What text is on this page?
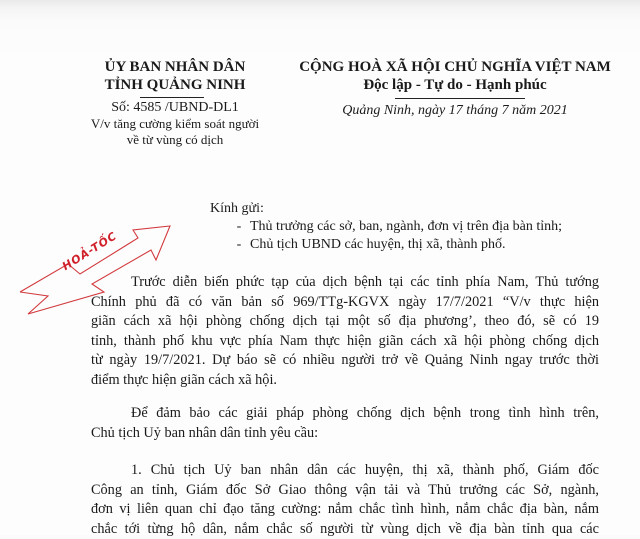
ỦY BAN NHÂN DÂN
TỈNH QUẢNG NINH
Số: 4585 /UBND-DL1
V/v tăng cường kiểm soát người
về từ vùng có dịch
CỘNG HOÀ XÃ HỘI CHỦ NGHĨA VIỆT NAM
Độc lập - Tự do - Hạnh phúc
Quảng Ninh, ngày 17 tháng 7 năm 2021
HOẢ-TỐC
Kính gửi:
- Thủ trưởng các sở, ban, ngành, đơn vị trên địa bàn tỉnh;
- Chủ tịch UBND các huyện, thị xã, thành phố.
Trước diễn biến phức tạp của dịch bệnh tại các tỉnh phía Nam, Thủ tướng
Chính phủ đã có văn bản số 969/TTg-KGVX ngày 17/7/2021 “V/v thực hiện
giãn cách xã hội phòng chống dịch tại một số địa phương’, theo đó, sẽ có 19
tỉnh, thành phố khu vực phía Nam thực hiện giãn cách xã hội phòng chống dịch
từ ngày 19/7/2021. Dự báo sẽ có nhiều người trở về Quảng Ninh ngay trước thời
điểm thực hiện giãn cách xã hội.
Để đảm bảo các giải pháp phòng chống dịch bệnh trong tình hình trên,
Chủ tịch Uỷ ban nhân dân tỉnh yêu cầu:
1. Chủ tịch Uỷ ban nhân dân các huyện, thị xã, thành phố, Giám đốc
Công an tỉnh, Giám đốc Sở Giao thông vận tải và Thủ trưởng các Sở, ngành,
đơn vị liên quan chỉ đạo tăng cường: nắm chắc tình hình, nắm chắc địa bàn, nắm
chắc tới từng hộ dân, nắm chắc số người từ vùng dịch về địa bàn tỉnh qua các
